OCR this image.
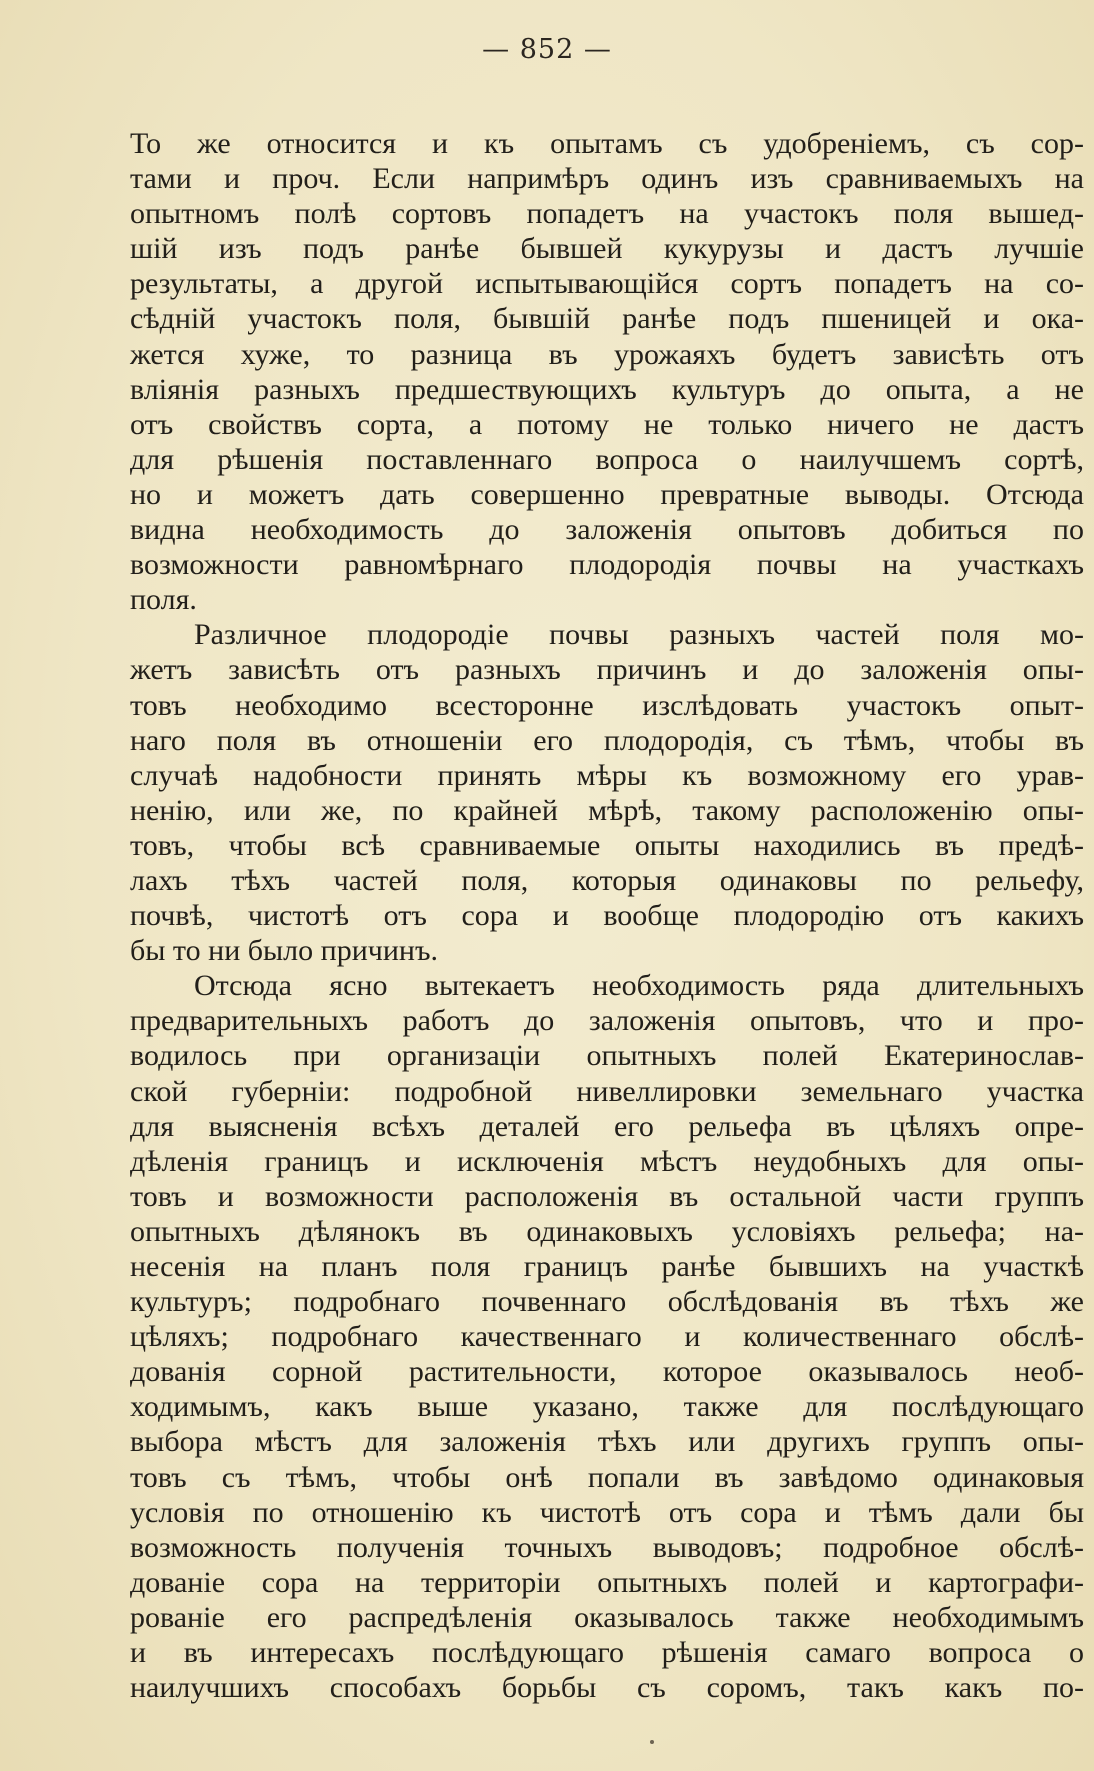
— 852 —
То же относится и къ опытамъ съ удобреніемъ, съ сор-
тами и проч. Если напримѣръ одинъ изъ сравниваемыхъ на
опытномъ полѣ сортовъ попадетъ на участокъ поля вышед-
шій изъ подъ ранѣе бывшей кукурузы и дастъ лучшіе
результаты, а другой испытывающійся сортъ попадетъ на со-
сѣдній участокъ поля, бывшій ранѣе подъ пшеницей и ока-
жется хуже, то разница въ урожаяхъ будетъ зависѣть отъ
вліянія разныхъ предшествующихъ культуръ до опыта, а не
отъ свойствъ сорта, а потому не только ничего не дастъ
для рѣшенія поставленнаго вопроса о наилучшемъ сортѣ,
но и можетъ дать совершенно превратные выводы. Отсюда
видна необходимость до заложенія опытовъ добиться по
возможности равномѣрнаго плодородія почвы на участкахъ
поля.
Различное плодородіе почвы разныхъ частей поля мо-
жетъ зависѣть отъ разныхъ причинъ и до заложенія опы-
товъ необходимо всесторонне изслѣдовать участокъ опыт-
наго поля въ отношеніи его плодородія, съ тѣмъ, чтобы въ
случаѣ надобности принять мѣры къ возможному его урав-
ненію, или же, по крайней мѣрѣ, такому расположенію опы-
товъ, чтобы всѣ сравниваемые опыты находились въ предѣ-
лахъ тѣхъ частей поля, которыя одинаковы по рельефу,
почвѣ, чистотѣ отъ сора и вообще плодородію отъ какихъ
бы то ни было причинъ.
Отсюда ясно вытекаетъ необходимость ряда длительныхъ
предварительныхъ работъ до заложенія опытовъ, что и про-
водилось при организаціи опытныхъ полей Екатеринослав-
ской губерніи: подробной нивеллировки земельнаго участка
для выясненія всѣхъ деталей его рельефа въ цѣляхъ опре-
дѣленія границъ и исключенія мѣстъ неудобныхъ для опы-
товъ и возможности расположенія въ остальной части группъ
опытныхъ дѣлянокъ въ одинаковыхъ условіяхъ рельефа; на-
несенія на планъ поля границъ ранѣе бывшихъ на участкѣ
культуръ; подробнаго почвеннаго обслѣдованія въ тѣхъ же
цѣляхъ; подробнаго качественнаго и количественнаго обслѣ-
дованія сорной растительности, которое оказывалось необ-
ходимымъ, какъ выше указано, также для послѣдующаго
выбора мѣстъ для заложенія тѣхъ или другихъ группъ опы-
товъ съ тѣмъ, чтобы онѣ попали въ завѣдомо одинаковыя
условія по отношенію къ чистотѣ отъ сора и тѣмъ дали бы
возможность полученія точныхъ выводовъ; подробное обслѣ-
дованіе сора на территоріи опытныхъ полей и картографи-
рованіе его распредѣленія оказывалось также необходимымъ
и въ интересахъ послѣдующаго рѣшенія самаго вопроса о
наилучшихъ способахъ борьбы съ соромъ, такъ какъ по-
